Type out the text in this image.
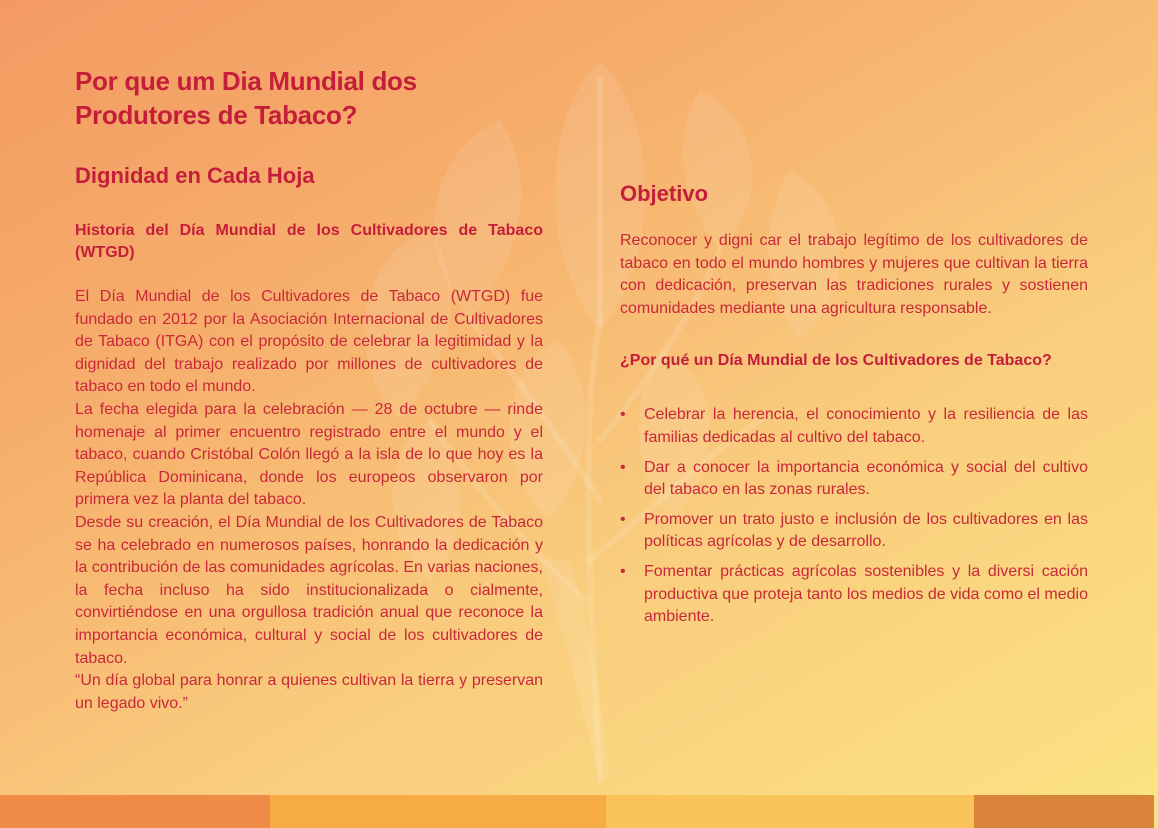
Por que um Dia Mundial dos
Produtores de Tabaco?
Dignidad en Cada Hoja
Historia del Día Mundial de los Cultivadores de Tabaco (WTGD)

El Día Mundial de los Cultivadores de Tabaco (WTGD) fue fundado en 2012 por la Asociación Internacional de Cultivadores de Tabaco (ITGA) con el propósito de celebrar la legitimidad y la dignidad del trabajo realizado por millones de cultivadores de tabaco en todo el mundo.

La fecha elegida para la celebración — 28 de octubre — rinde homenaje al primer encuentro registrado entre el mundo y el tabaco, cuando Cristóbal Colón llegó a la isla de lo que hoy es la República Dominicana, donde los europeos observaron por primera vez la planta del tabaco.

Desde su creación, el Día Mundial de los Cultivadores de Tabaco se ha celebrado en numerosos países, honrando la dedicación y la contribución de las comunidades agrícolas. En varias naciones, la fecha incluso ha sido institucionalizada o cialmente, convirtiéndose en una orgullosa tradición anual que reconoce la importancia económica, cultural y social de los cultivadores de tabaco.

“Un día global para honrar a quienes cultivan la tierra y preservan un legado vivo.”

Objetivo

Reconocer y digni car el trabajo legítimo de los cultivadores de tabaco en todo el mundo hombres y mujeres que cultivan la tierra con dedicación, preservan las tradiciones rurales y sostienen comunidades mediante una agricultura responsable.

¿Por qué un Día Mundial de los Cultivadores de Tabaco?
• Celebrar la herencia, el conocimiento y la resiliencia de las familias dedicadas al cultivo del tabaco.
• Dar a conocer la importancia económica y social del cultivo del tabaco en las zonas rurales.
• Promover un trato justo e inclusión de los cultivadores en las políticas agrícolas y de desarrollo.
• Fomentar prácticas agrícolas sostenibles y la diversi cación productiva que proteja tanto los medios de vida como el medio ambiente.
